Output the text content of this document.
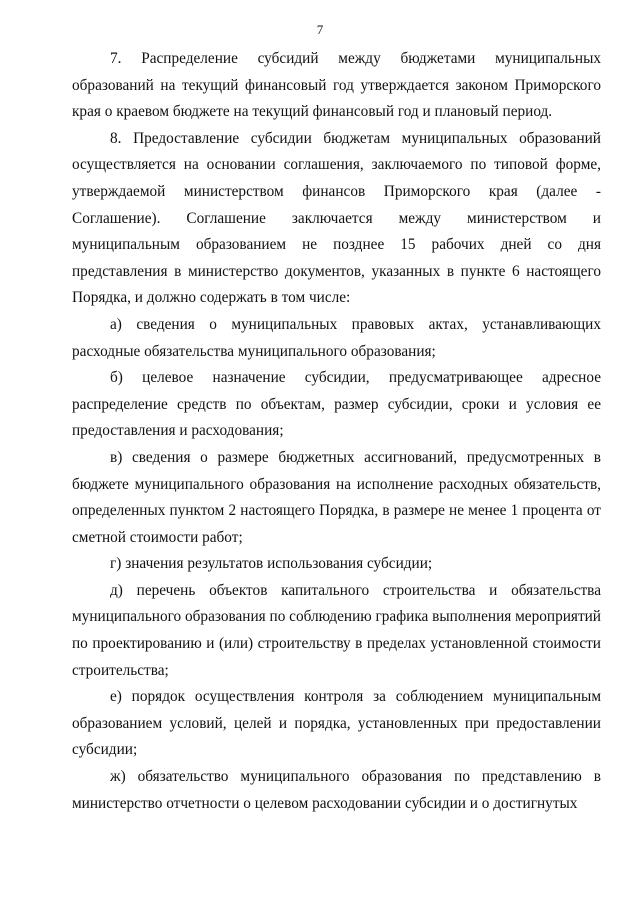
7

7. Распределение субсидий между бюджетами муниципальных образований на текущий финансовый год утверждается законом Приморского края о краевом бюджете на текущий финансовый год и плановый период.

8. Предоставление субсидии бюджетам муниципальных образований осуществляется на основании соглашения, заключаемого по типовой форме, утверждаемой министерством финансов Приморского края (далее - Соглашение). Соглашение заключается между министерством и муниципальным образованием не позднее 15 рабочих дней со дня представления в министерство документов, указанных в пункте 6 настоящего Порядка, и должно содержать в том числе:

а) сведения о муниципальных правовых актах, устанавливающих расходные обязательства муниципального образования;

б) целевое назначение субсидии, предусматривающее адресное распределение средств по объектам, размер субсидии, сроки и условия ее предоставления и расходования;

в) сведения о размере бюджетных ассигнований, предусмотренных в бюджете муниципального образования на исполнение расходных обязательств, определенных пунктом 2 настоящего Порядка, в размере не менее 1 процента от сметной стоимости работ;

г) значения результатов использования субсидии;

д) перечень объектов капитального строительства и обязательства муниципального образования по соблюдению графика выполнения мероприятий по проектированию и (или) строительству в пределах установленной стоимости строительства;

е) порядок осуществления контроля за соблюдением муниципальным образованием условий, целей и порядка, установленных при предоставлении субсидии;

ж) обязательство муниципального образования по представлению в министерство отчетности о целевом расходовании субсидии и о достигнутых
